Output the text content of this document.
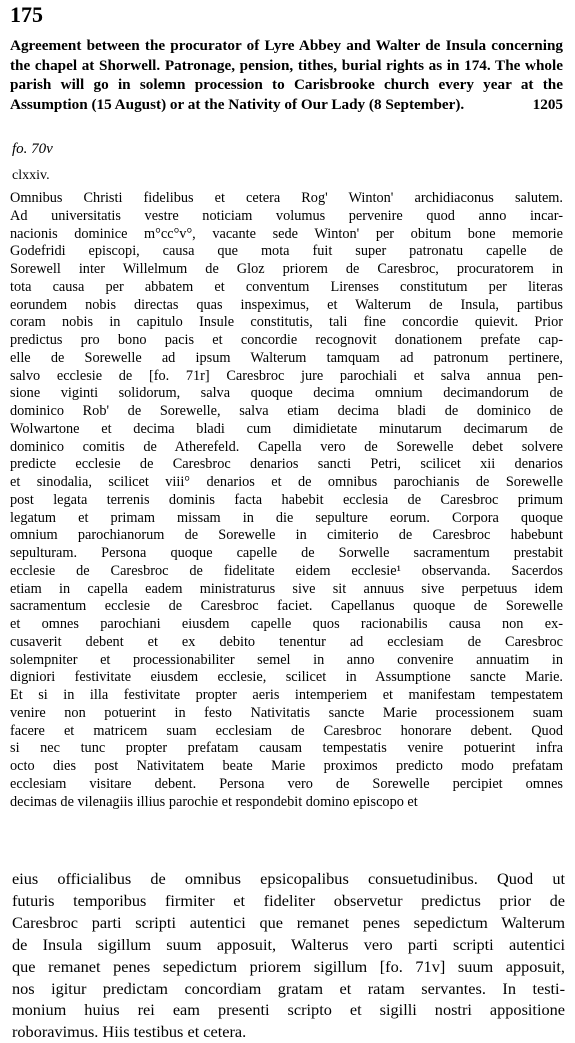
175
Agreement between the procurator of Lyre Abbey and Walter de Insula concerning the chapel at Shorwell. Patronage, pension, tithes, burial rights as in 174. The whole parish will go in solemn procession to Carisbrooke church every year at the Assumption (15 August) or at the Nativity of Our Lady (8 September).	1205
fo. 70v
clxxiv.
Omnibus Christi fidelibus et cetera Rog' Winton' archidiaconus salutem.
Ad universitatis vestre noticiam volumus pervenire quod anno incar-
nacionis dominice m°cc°v°, vacante sede Winton' per obitum bone memorie
Godefridi episcopi, causa que mota fuit super patronatu capelle de
Sorewell inter Willelmum de Gloz priorem de Caresbroc, procuratorem in
tota causa per abbatem et conventum Lirenses constitutum per literas
eorundem nobis directas quas inspeximus, et Walterum de Insula, partibus
coram nobis in capitulo Insule constitutis, tali fine concordie quievit. Prior
predictus pro bono pacis et concordie recognovit donationem prefate cap-
elle de Sorewelle ad ipsum Walterum tamquam ad patronum pertinere,
salvo ecclesie de [fo. 71r] Caresbroc jure parochiali et salva annua pen-
sione viginti solidorum, salva quoque decima omnium decimandorum de
dominico Rob' de Sorewelle, salva etiam decima bladi de dominico de
Wolwartone et decima bladi cum dimidietate minutarum decimarum de
dominico comitis de Atherefeld. Capella vero de Sorewelle debet solvere
predicte ecclesie de Caresbroc denarios sancti Petri, scilicet xii denarios
et sinodalia, scilicet viii° denarios et de omnibus parochianis de Sorewelle
post legata terrenis dominis facta habebit ecclesia de Caresbroc primum
legatum et primam missam in die sepulture eorum. Corpora quoque
omnium parochianorum de Sorewelle in cimiterio de Caresbroc habebunt
sepulturam. Persona quoque capelle de Sorwelle sacramentum prestabit
ecclesie de Caresbroc de fidelitate eidem ecclesie¹ observanda. Sacerdos
etiam in capella eadem ministraturus sive sit annuus sive perpetuus idem
sacramentum ecclesie de Caresbroc faciet. Capellanus quoque de Sorewelle
et omnes parochiani eiusdem capelle quos racionabilis causa non ex-
cusaverit debent et ex debito tenentur ad ecclesiam de Caresbroc
solempniter et processionabiliter semel in anno convenire annuatim in
digniori festivitate eiusdem ecclesie, scilicet in Assumptione sancte Marie.
Et si in illa festivitate propter aeris intemperiem et manifestam tempestatem
venire non potuerint in festo Nativitatis sancte Marie processionem suam
facere et matricem suam ecclesiam de Caresbroc honorare debent. Quod
si nec tunc propter prefatam causam tempestatis venire potuerint infra
octo dies post Nativitatem beate Marie proximos predicto modo prefatam
ecclesiam visitare debent. Persona vero de Sorewelle percipiet omnes
decimas de vilenagiis illius parochie et respondebit domino episcopo et
eius officialibus de omnibus epsicopalibus consuetudinibus. Quod ut
futuris temporibus firmiter et fideliter observetur predictus prior de
Caresbroc parti scripti autentici que remanet penes sepedictum Walterum
de Insula sigillum suum apposuit, Walterus vero parti scripti autentici
que remanet penes sepedictum priorem sigillum [fo. 71v] suum apposuit,
nos igitur predictam concordiam gratam et ratam servantes. In testi-
monium huius rei eam presenti scripto et sigilli nostri appositione
roboravimus. Hiis testibus et cetera.
